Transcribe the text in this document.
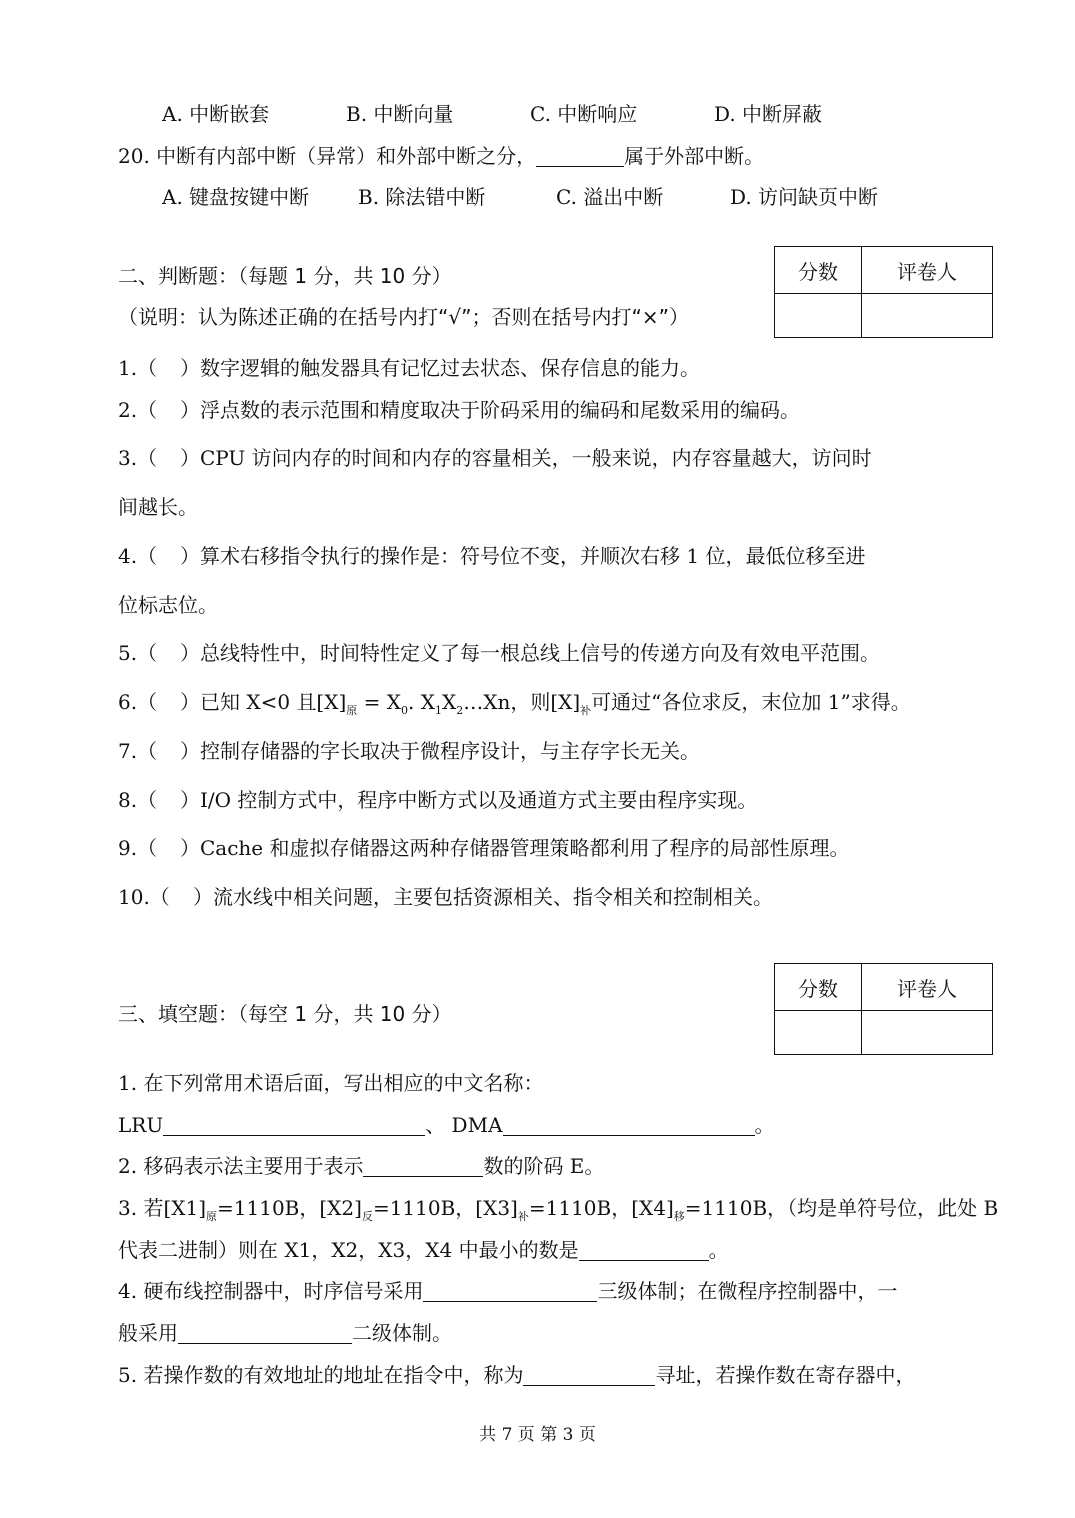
A. 中断嵌套	B. 中断向量	C. 中断响应	D. 中断屏蔽
20. 中断有内部中断（异常）和外部中断之分，	属于外部中断。
A. 键盘按键中断 B. 除法错中断	C. 溢出中断	D. 访问缺页中断
分数	评卷人

二、判断题：（每题 1 分，共 10 分）
（说明：认为陈述正确的在括号内打“√”；否则在括号内打“×”）
1.（ ）数字逻辑的触发器具有记忆过去状态、保存信息的能力。
2.（ ）浮点数的表示范围和精度取决于阶码采用的编码和尾数采用的编码。
3.（ ）CPU 访问内存的时间和内存的容量相关，一般来说，内存容量越大，访问时
间越长。
4.（ ）算术右移指令执行的操作是：符号位不变，并顺次右移 1 位，最低位移至进
位标志位。
5.（ ）总线特性中，时间特性定义了每一根总线上信号的传递方向及有效电平范围。
6.（ ）已知 X<0 且$[X]_原 = X_0$. $X_1X_2\dots Xn$，则$[X]_补$可通过“各位求反，末位加 1”求得。
7.（ ）控制存储器的字长取决于微程序设计，与主存字长无关。
8.（ ）I/O 控制方式中，程序中断方式以及通道方式主要由程序实现。
9.（ ）Cache 和虚拟存储器这两种存储器管理策略都利用了程序的局部性原理。
10.（ ）流水线中相关问题，主要包括资源相关、指令相关和控制相关。
分数	评卷人

三、填空题：（每空 1 分，共 10 分）
1. 在下列常用术语后面，写出相应的中文名称：
LRU	、 DMA	。
2. 移码表示法主要用于表示	数的阶码 E。
3. 若$[X1]_原=1110B$，$[X2]_反=1110B$，$[X3]_补=1110B$，$[X4]_移=1110B$，（均是单符号位，此处 B
代表二进制）则在 X1，X2，X3，X4 中最小的数是	。
4. 硬布线控制器中，时序信号采用	三级体制；在微程序控制器中，一
般采用	二级体制。
5. 若操作数的有效地址的地址在指令中，称为	寻址，若操作数在寄存器中，
共 7 页 第 3 页
